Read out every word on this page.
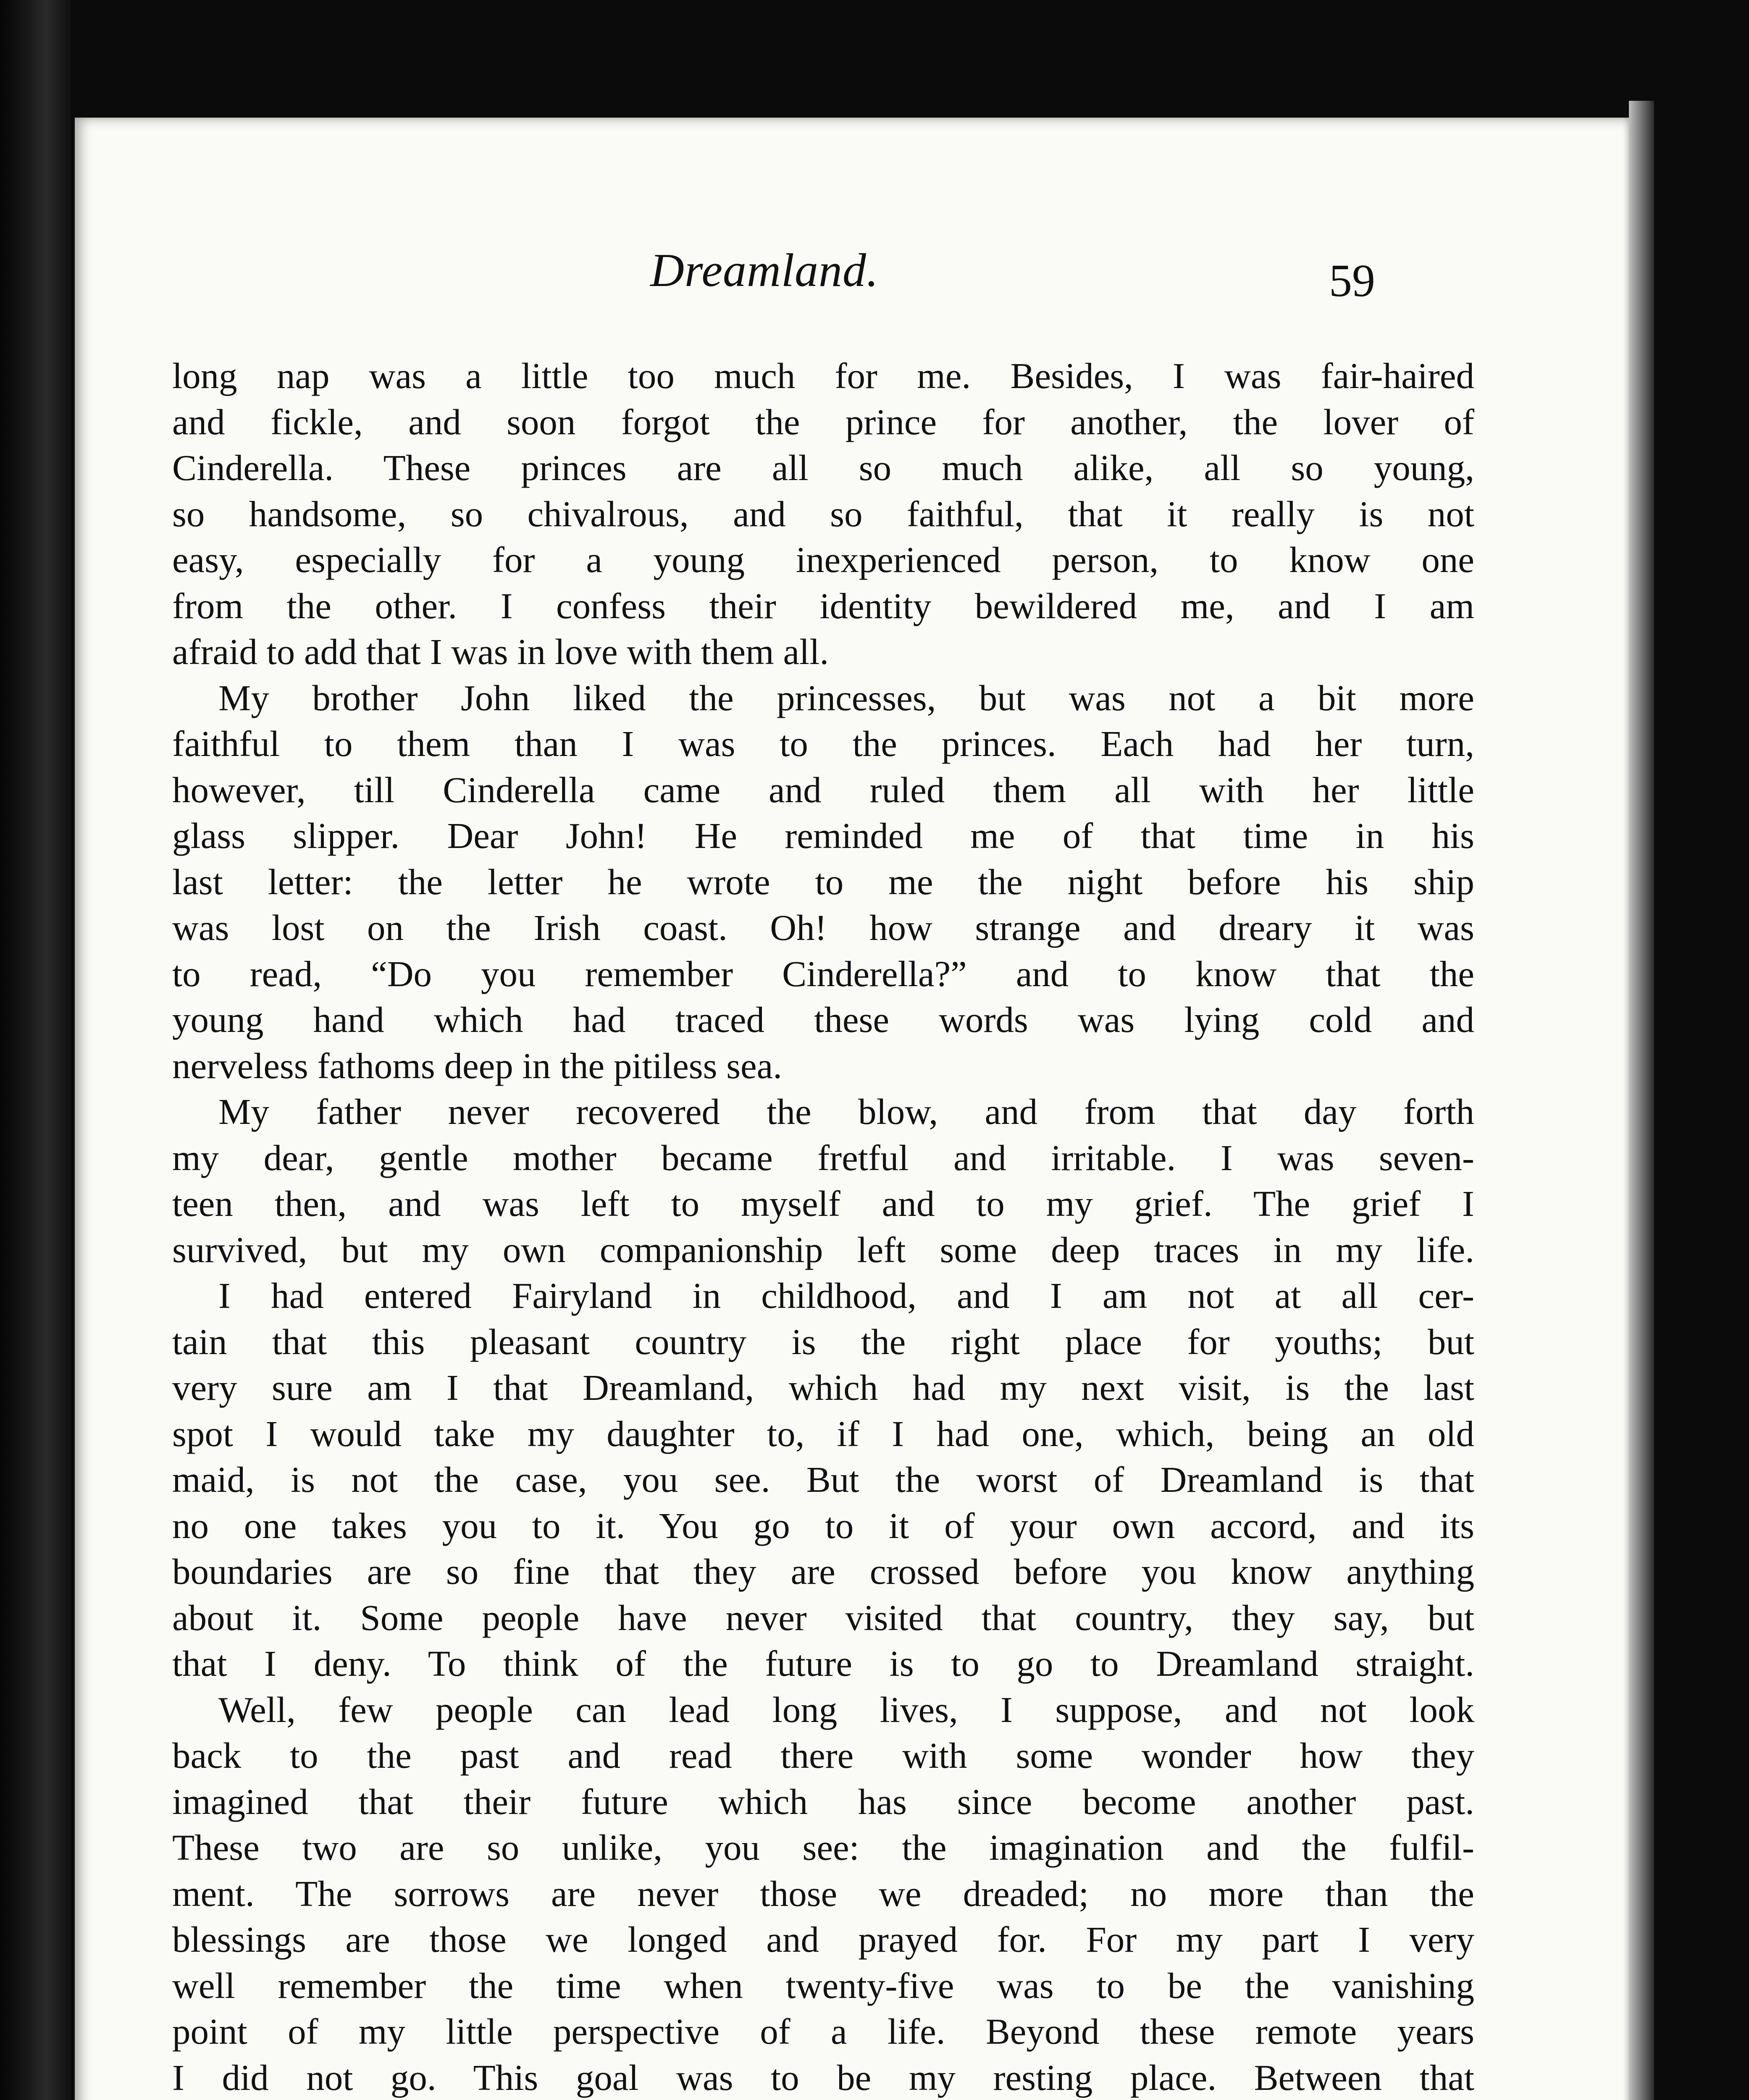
Dreamland.	59
long nap was a little too much for me. Besides, I was fair-haired
and fickle, and soon forgot the prince for another, the lover of
Cinderella. These princes are all so much alike, all so young,
so handsome, so chivalrous, and so faithful, that it really is not
easy, especially for a young inexperienced person, to know one
from the other. I confess their identity bewildered me, and I am
afraid to add that I was in love with them all.
My brother John liked the princesses, but was not a bit more
faithful to them than I was to the princes. Each had her turn,
however, till Cinderella came and ruled them all with her little
glass slipper. Dear John! He reminded me of that time in his
last letter: the letter he wrote to me the night before his ship
was lost on the Irish coast. Oh! how strange and dreary it was
to read, “Do you remember Cinderella?” and to know that the
young hand which had traced these words was lying cold and
nerveless fathoms deep in the pitiless sea.
My father never recovered the blow, and from that day forth
my dear, gentle mother became fretful and irritable. I was seven-
teen then, and was left to myself and to my grief. The grief I
survived, but my own companionship left some deep traces in my life.
I had entered Fairyland in childhood, and I am not at all cer-
tain that this pleasant country is the right place for youths; but
very sure am I that Dreamland, which had my next visit, is the last
spot I would take my daughter to, if I had one, which, being an old
maid, is not the case, you see. But the worst of Dreamland is that
no one takes you to it. You go to it of your own accord, and its
boundaries are so fine that they are crossed before you know anything
about it. Some people have never visited that country, they say, but
that I deny. To think of the future is to go to Dreamland straight.
Well, few people can lead long lives, I suppose, and not look
back to the past and read there with some wonder how they
imagined that their future which has since become another past.
These two are so unlike, you see: the imagination and the fulfil-
ment. The sorrows are never those we dreaded; no more than the
blessings are those we longed and prayed for. For my part I very
well remember the time when twenty-five was to be the vanishing
point of my little perspective of a life. Beyond these remote years
I did not go. This goal was to be my resting place. Between that
